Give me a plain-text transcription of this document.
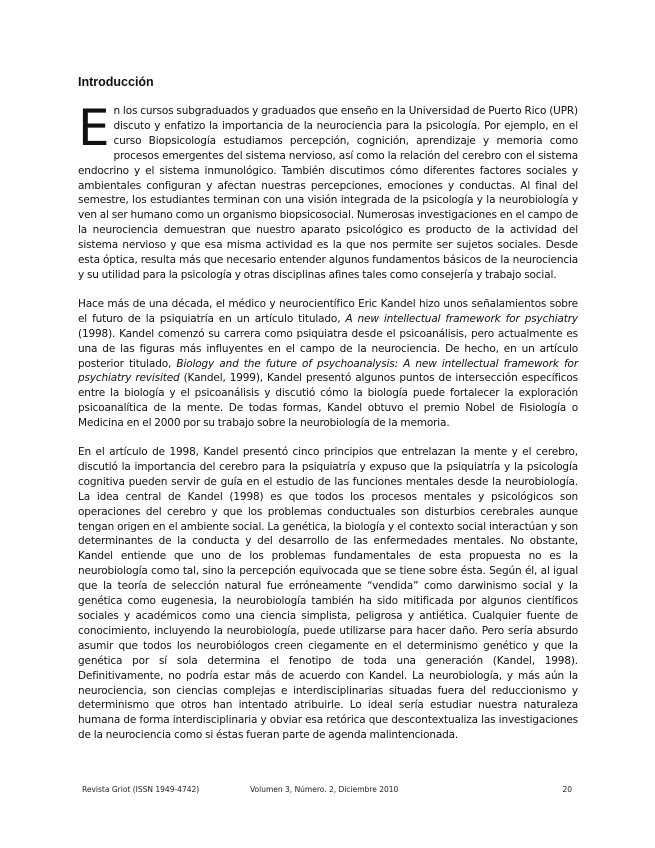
Introducción

En los cursos subgraduados y graduados que enseño en la Universidad de Puerto Rico (UPR) discuto y enfatizo la importancia de la neurociencia para la psicología. Por ejemplo, en el curso Biopsicología estudiamos percepción, cognición, aprendizaje y memoria como procesos emergentes del sistema nervioso, así como la relación del cerebro con el sistema endocrino y el sistema inmunológico. También discutimos cómo diferentes factores sociales y ambientales configuran y afectan nuestras percepciones, emociones y conductas. Al final del semestre, los estudiantes terminan con una visión integrada de la psicología y la neurobiología y ven al ser humano como un organismo biopsicosocial. Numerosas investigaciones en el campo de la neurociencia demuestran que nuestro aparato psicológico es producto de la actividad del sistema nervioso y que esa misma actividad es la que nos permite ser sujetos sociales. Desde esta óptica, resulta más que necesario entender algunos fundamentos básicos de la neurociencia y su utilidad para la psicología y otras disciplinas afines tales como consejería y trabajo social.

Hace más de una década, el médico y neurocientífico Eric Kandel hizo unos señalamientos sobre el futuro de la psiquiatría en un artículo titulado, A new intellectual framework for psychiatry (1998). Kandel comenzó su carrera como psiquiatra desde el psicoanálisis, pero actualmente es una de las figuras más influyentes en el campo de la neurociencia. De hecho, en un artículo posterior titulado, Biology and the future of psychoanalysis: A new intellectual framework for psychiatry revisited (Kandel, 1999), Kandel presentó algunos puntos de intersección específicos entre la biología y el psicoanálisis y discutió cómo la biología puede fortalecer la exploración psicoanalítica de la mente. De todas formas, Kandel obtuvo el premio Nobel de Fisiología o Medicina en el 2000 por su trabajo sobre la neurobiología de la memoria.

En el artículo de 1998, Kandel presentó cinco principios que entrelazan la mente y el cerebro, discutió la importancia del cerebro para la psiquiatría y expuso que la psiquiatría y la psicología cognitiva pueden servir de guía en el estudio de las funciones mentales desde la neurobiología. La idea central de Kandel (1998) es que todos los procesos mentales y psicológicos son operaciones del cerebro y que los problemas conductuales son disturbios cerebrales aunque tengan origen en el ambiente social. La genética, la biología y el contexto social interactúan y son determinantes de la conducta y del desarrollo de las enfermedades mentales. No obstante, Kandel entiende que uno de los problemas fundamentales de esta propuesta no es la neurobiología como tal, sino la percepción equivocada que se tiene sobre ésta. Según él, al igual que la teoría de selección natural fue erróneamente “vendida” como darwinismo social y la genética como eugenesia, la neurobiología también ha sido mitificada por algunos científicos sociales y académicos como una ciencia simplista, peligrosa y antiética. Cualquier fuente de conocimiento, incluyendo la neurobiología, puede utilizarse para hacer daño. Pero sería absurdo asumir que todos los neurobiólogos creen ciegamente en el determinismo genético y que la genética por sí sola determina el fenotipo de toda una generación (Kandel, 1998). Definitivamente, no podría estar más de acuerdo con Kandel. La neurobiología, y más aún la neurociencia, son ciencias complejas e interdisciplinarias situadas fuera del reduccionismo y determinismo que otros han intentado atribuirle. Lo ideal sería estudiar nuestra naturaleza humana de forma interdisciplinaria y obviar esa retórica que descontextualiza las investigaciones de la neurociencia como si éstas fueran parte de agenda malintencionada.

Revista Griot (ISSN 1949-4742)	Volumen 3, Número. 2, Diciembre 2010	20
